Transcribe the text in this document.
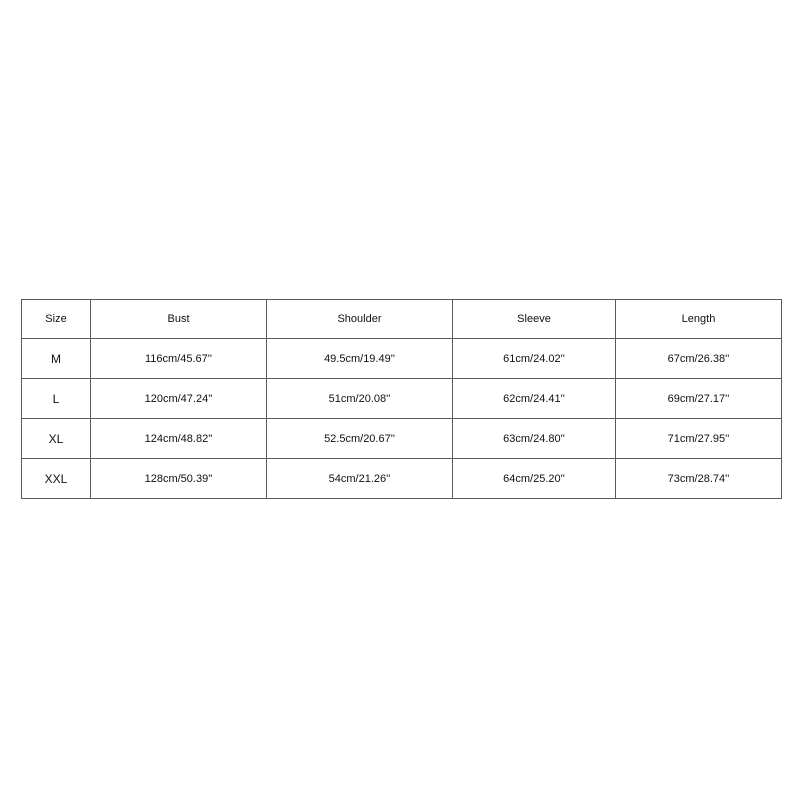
Size	Bust	Shoulder	Sleeve	Length
M	116cm/45.67''	49.5cm/19.49''	61cm/24.02''	67cm/26.38''
L	120cm/47.24''	51cm/20.08''	62cm/24.41''	69cm/27.17''
XL	124cm/48.82''	52.5cm/20.67''	63cm/24.80''	71cm/27.95''
XXL	128cm/50.39''	54cm/21.26''	64cm/25.20''	73cm/28.74''
